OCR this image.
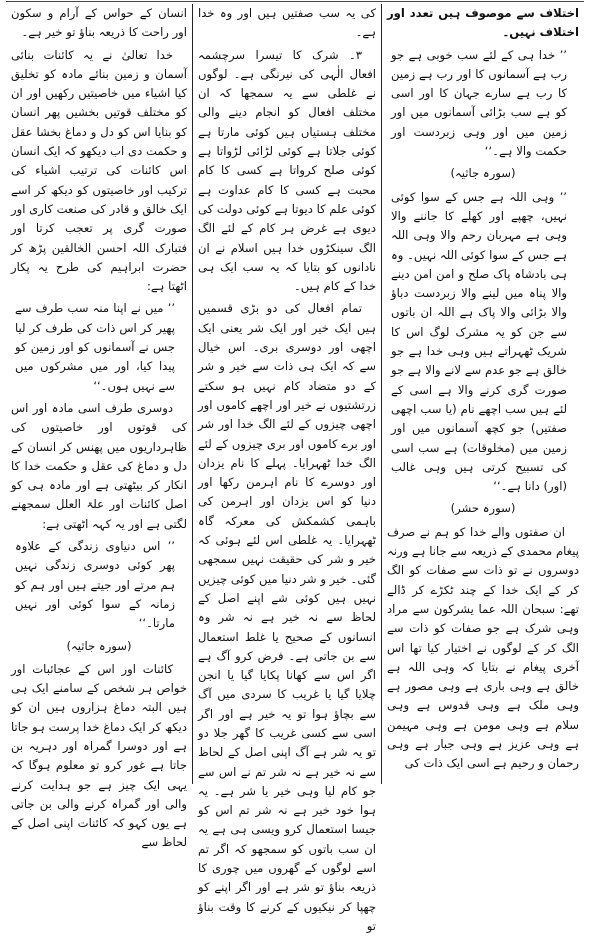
انسان کے حواس کے آرام و سکون اور راحت کا ذریعہ بناؤ تو خیر ہے۔

خدا تعالیٰ نے یہ کائنات بنائی آسمان و زمین بنائے مادہ کو تخلیق کیا اشیاء میں خاصیتیں رکھیں اور ان کو مختلف قوتیں بخشیں پھر انسان کو بنایا اس کو دل و دماغ بخشا عقل و حکمت دی اب دیکھو کہ ایک انسان اس کائنات کی ترتیب اشیاء کی ترکیب اور خاصیتوں کو دیکھ کر اسے ایک خالق و قادر کی صنعت کاری اور صورت گری پر تعجب کرتا اور فتبارک اللہ احسن الخالقین پڑھ کر حضرت ابراہیم کی طرح یہ پکار اٹھتا ہے:

’’ میں نے اپنا منہ سب طرف سے پھیر کر اس ذات کی طرف کر لیا جس نے آسمانوں کو اور زمین کو پیدا کیا، اور میں مشرکوں میں سے نہیں ہوں۔‘‘

دوسری طرف اسی مادہ اور اس کی قوتوں اور خاصیتوں کی ظاہرداریوں میں پھنس کر انسان کے دل و دماغ کی عقل و حکمت خدا کا انکار کر بیٹھتی ہے اور مادہ ہی کو اصل کائنات اور علۃ العلل سمجھنے لگتی ہے اور یہ کہہ اٹھتی ہے:

’’ اس دنیاوی زندگی کے علاوہ پھر کوئی دوسری زندگی نہیں ہم مرتے اور جیتے ہیں اور ہم کو زمانہ کے سوا کوئی اور نہیں مارتا۔‘‘

(سورہ جاثیہ)

کائنات اور اس کے عجائبات اور خواص ہر شخص کے سامنے ایک ہی ہیں البتہ دماغ ہزاروں ہیں ان کو دیکھ کر ایک دماغ خدا پرست ہو جاتا ہے اور دوسرا گمراہ اور دہریہ بن جاتا ہے غور کرو تو معلوم ہوگا کہ یہی ایک چیز ہے جو ہدایت کرنے والی اور گمراہ کرنے والی بن جاتی ہے یوں کہو کہ کائنات اپنی اصل کے لحاظ سے

کی یہ سب صفتیں ہیں اور وہ خدا ہے۔

۳۔ شرک کا تیسرا سرچشمہ افعال الٰہی کی نیرنگی ہے۔ لوگوں نے غلطی سے یہ سمجھا کہ ان مختلف افعال کو انجام دینے والی مختلف ہستیاں ہیں کوئی مارتا ہے کوئی جلاتا ہے کوئی لڑائی لڑواتا ہے کوئی صلح کرواتا ہے کسی کا کام محبت ہے کسی کا کام عداوت ہے کوئی علم کا دیوتا ہے کوئی دولت کی دیوی ہے غرض ہر کام کے لئے الگ الگ سینکڑوں خدا ہیں اسلام نے ان نادانوں کو بتایا کہ یہ سب ایک ہی خدا کے کام ہیں۔

تمام افعال کی دو بڑی قسمیں ہیں ایک خیر اور ایک شر یعنی ایک اچھی اور دوسری بری۔ اس خیال سے کہ ایک ہی ذات سے خیر و شر کے دو متضاد کام نہیں ہو سکتے زرتشتیوں نے خیر اور اچھے کاموں اور اچھی چیزوں کے لئے الگ خدا اور شر اور برے کاموں اور بری چیزوں کے لئے الگ خدا ٹھہرایا۔ پہلے کا نام یزدان اور دوسرے کا نام اہرمن رکھا اور دنیا کو اس یزدان اور اہرمن کی باہمی کشمکش کی معرکہ گاہ ٹھہرایا۔ یہ غلطی اس لئے ہوئی کہ خیر و شر کی حقیقت نہیں سمجھی گئی۔ خیر و شر دنیا میں کوئی چیزیں نہیں ہیں کوئی شے اپنے اصل کے لحاظ سے نہ خیر ہے نہ شر وہ انسانوں کے صحیح یا غلط استعمال سے بن جاتی ہے۔ فرض کرو آگ ہے اگر اس سے کھانا پکایا گیا یا انجن چلایا گیا یا غریب کا سردی میں آگ سے بچاؤ ہوا تو یہ خیر ہے اور اگر اسی سے کسی غریب کا گھر جلا دو تو یہ شر ہے آگ اپنی اصل کے لحاظ سے نہ خیر ہے نہ شر تم نے اس سے جو کام لیا وہی خیر یا شر ہے۔ یہ ہوا خود خیر ہے نہ شر تم اس کو جیسا استعمال کرو ویسی ہی ہے یہ ان سب باتوں کو سمجھو کہ اگر تم اسے لوگوں کے گھروں میں چوری کا ذریعہ بناؤ تو شر ہے اور اگر اپنے کو چھپا کر نیکیوں کے کرنے کا وقت بناؤ تو

اختلاف سے موصوف ہیں تعدد اور اختلاف نہیں۔

’’ خدا ہی کے لئے سب خوبی ہے جو رب ہے آسمانوں کا اور رب ہے زمین کا رب ہے سارے جہان کا اور اسی کو ہے سب بڑائی آسمانوں میں اور زمین میں اور وہی زبردست اور حکمت والا ہے۔‘‘

(سورہ جاثیہ)

’’ وہی اللہ ہے جس کے سوا کوئی نہیں، چھپے اور کھلے کا جاننے والا وہی ہے مہربان رحم والا وہی اللہ ہے جس کے سوا کوئی اللہ نہیں۔ وہ ہی بادشاہ پاک صلح و امن امن دینے والا پناہ میں لینے والا زبردست دباؤ والا بڑائی والا پاک ہے اللہ ان باتوں سے جن کو یہ مشرک لوگ اس کا شریک ٹھہراتے ہیں وہی خدا ہے جو خالق ہے جو عدم سے لانے والا ہے جو صورت گری کرنے والا ہے اسی کے لئے ہیں سب اچھے نام (یا سب اچھی صفتیں) جو کچھ آسمانوں میں اور زمین میں (مخلوقات) ہے سب اسی کی تسبیح کرتی ہیں وہی غالب (اور) دانا ہے۔‘‘

(سورہ حشر)

ان صفتوں والے خدا کو ہم نے صرف پیغام محمدی کے ذریعہ سے جانا ہے ورنہ دوسروں نے تو ذات سے صفات کو الگ کر کے ایک خدا کے چند ٹکڑے کر ڈالے تھے: سبحان اللہ عما یشرکون سے مراد وہی شرک ہے جو صفات کو ذات سے الگ کر کے لوگوں نے اختیار کیا تھا اس آخری پیغام نے بتایا کہ وہی اللہ ہے خالق ہے وہی باری ہے وہی مصور ہے وہی ملک ہے وہی قدوس ہے وہی سلام ہے وہی مومن ہے وہی مہیمن ہے وہی عزیز ہے وہی جبار ہے وہی رحمان و رحیم ہے اسی ایک ذات کی
